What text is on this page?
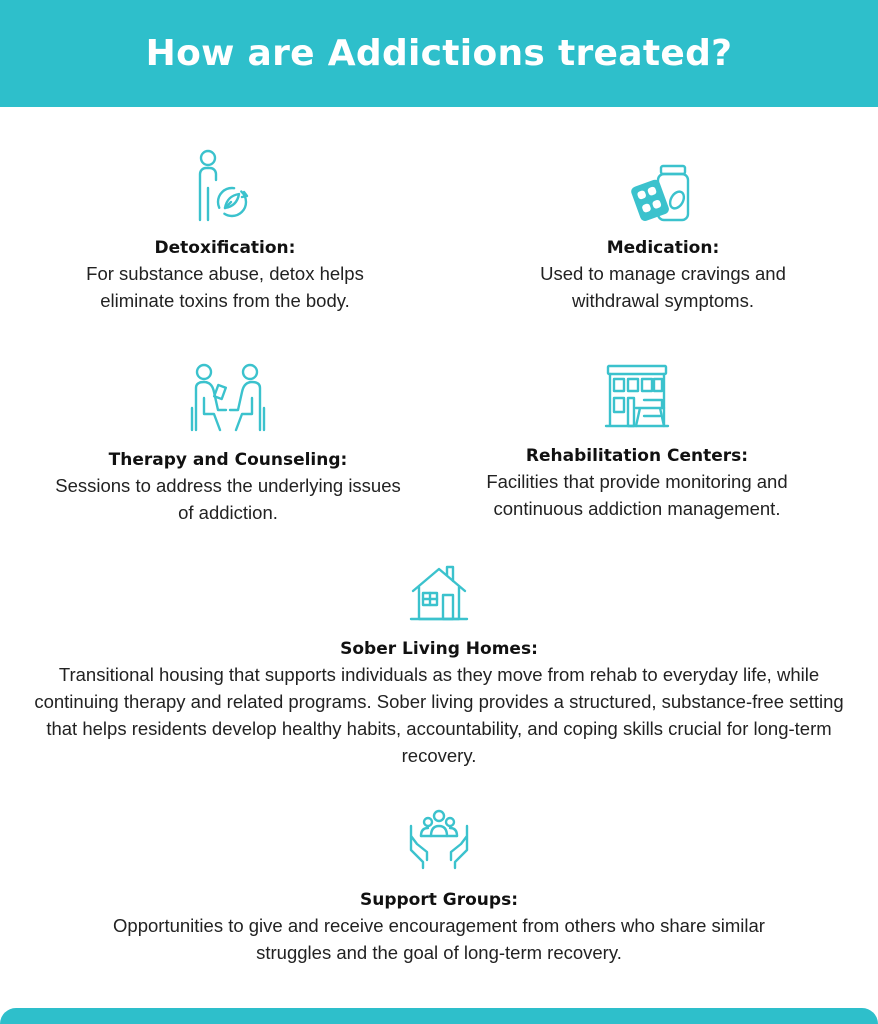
How are Addictions treated?

Detoxification:

For substance abuse, detox helps eliminate toxins from the body.

Medication:

Used to manage cravings and withdrawal symptoms.

Therapy and Counseling:

Sessions to address the underlying issues of addiction.

Rehabilitation Centers:

Facilities that provide monitoring and continuous addiction management.

Sober Living Homes:

Transitional housing that supports individuals as they move from rehab to everyday life, while continuing therapy and related programs. Sober living provides a structured, substance-free setting that helps residents develop healthy habits, accountability, and coping skills crucial for long-term recovery.

Support Groups:

Opportunities to give and receive encouragement from others who share similar struggles and the goal of long-term recovery.
